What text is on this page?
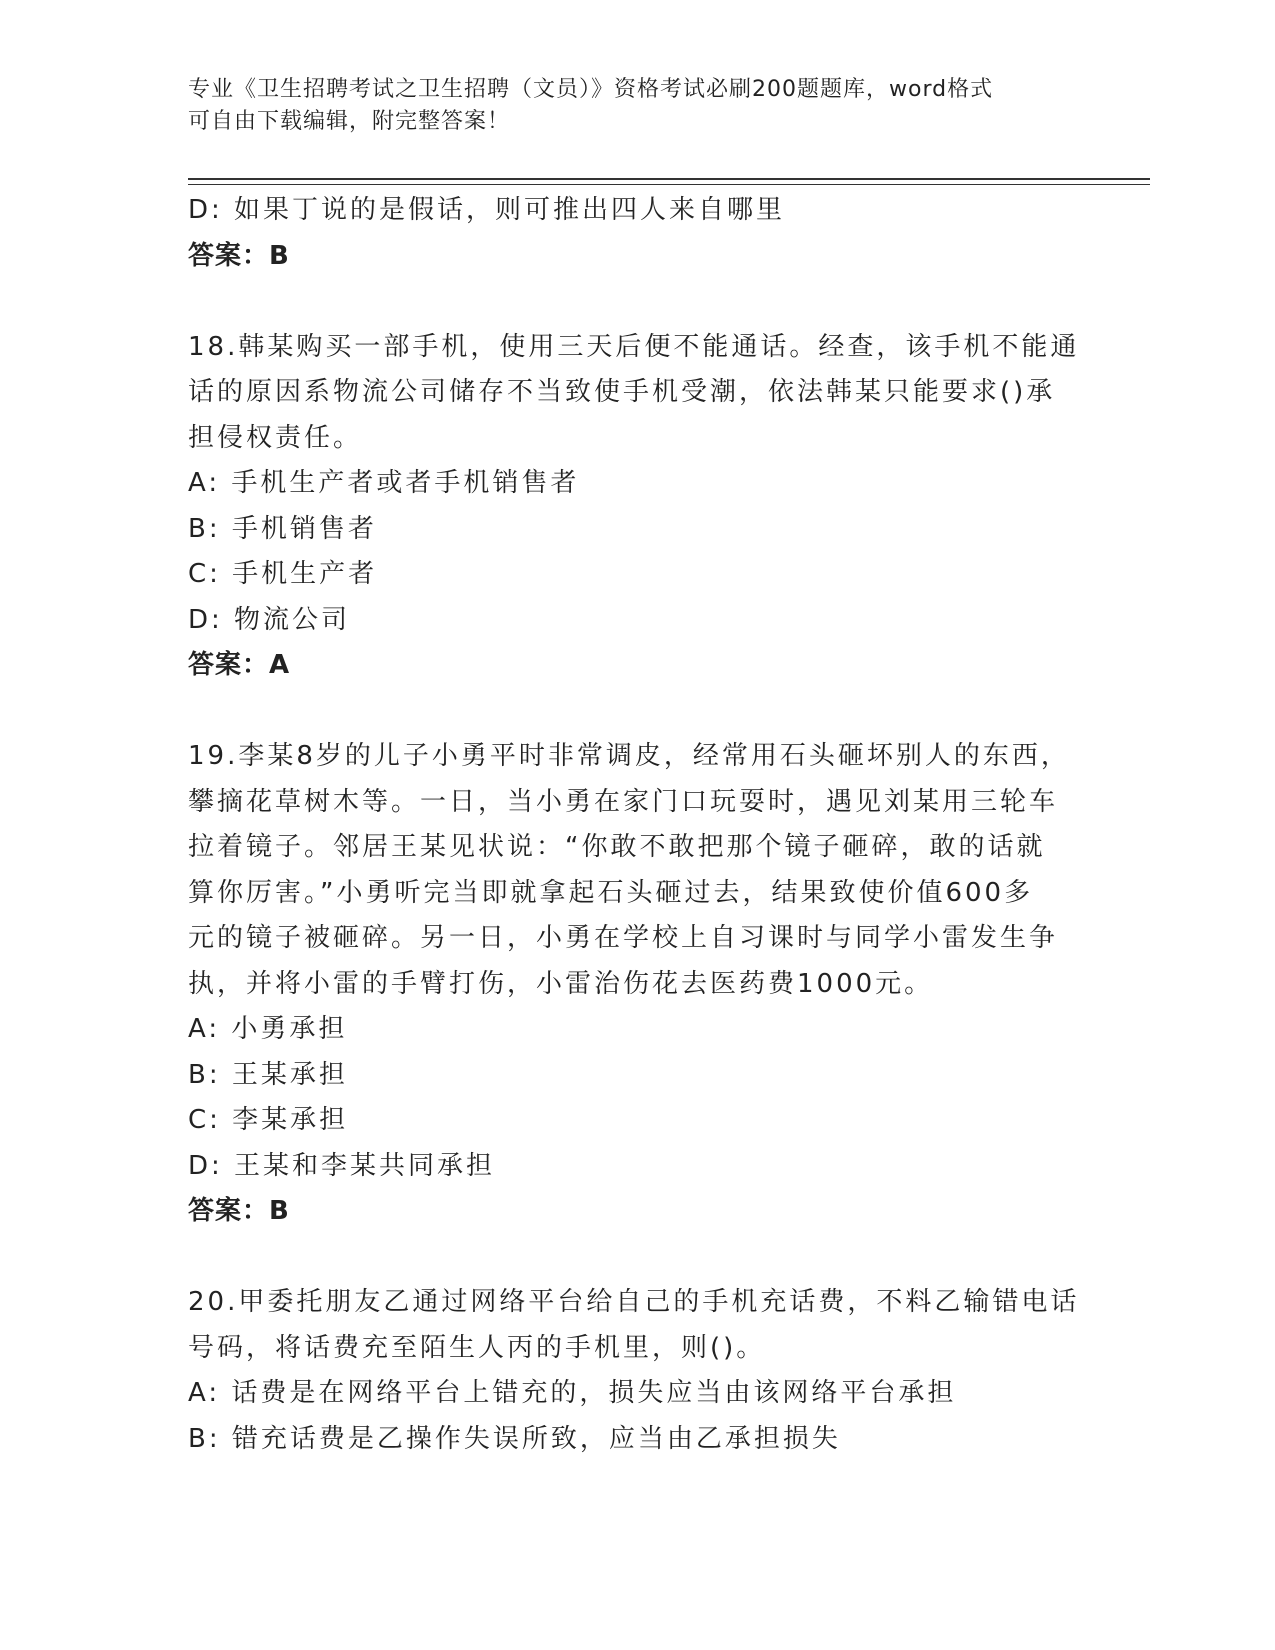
专业《卫生招聘考试之卫生招聘（文员）》资格考试必刷200题题库，word格式
可自由下载编辑，附完整答案！
D: 如果丁说的是假话，则可推出四人来自哪里
答案：B
18.韩某购买一部手机，使用三天后便不能通话。经查，该手机不能通
话的原因系物流公司储存不当致使手机受潮，依法韩某只能要求()承
担侵权责任。
A: 手机生产者或者手机销售者
B: 手机销售者
C: 手机生产者
D: 物流公司
答案：A
19.李某8岁的儿子小勇平时非常调皮，经常用石头砸坏别人的东西，
攀摘花草树木等。一日，当小勇在家门口玩耍时，遇见刘某用三轮车
拉着镜子。邻居王某见状说：“你敢不敢把那个镜子砸碎，敢的话就
算你厉害。”小勇听完当即就拿起石头砸过去，结果致使价值600多
元的镜子被砸碎。另一日，小勇在学校上自习课时与同学小雷发生争
执，并将小雷的手臂打伤，小雷治伤花去医药费1000元。
A: 小勇承担
B: 王某承担
C: 李某承担
D: 王某和李某共同承担
答案：B
20.甲委托朋友乙通过网络平台给自己的手机充话费，不料乙输错电话
号码，将话费充至陌生人丙的手机里，则()。
A: 话费是在网络平台上错充的，损失应当由该网络平台承担
B: 错充话费是乙操作失误所致，应当由乙承担损失
